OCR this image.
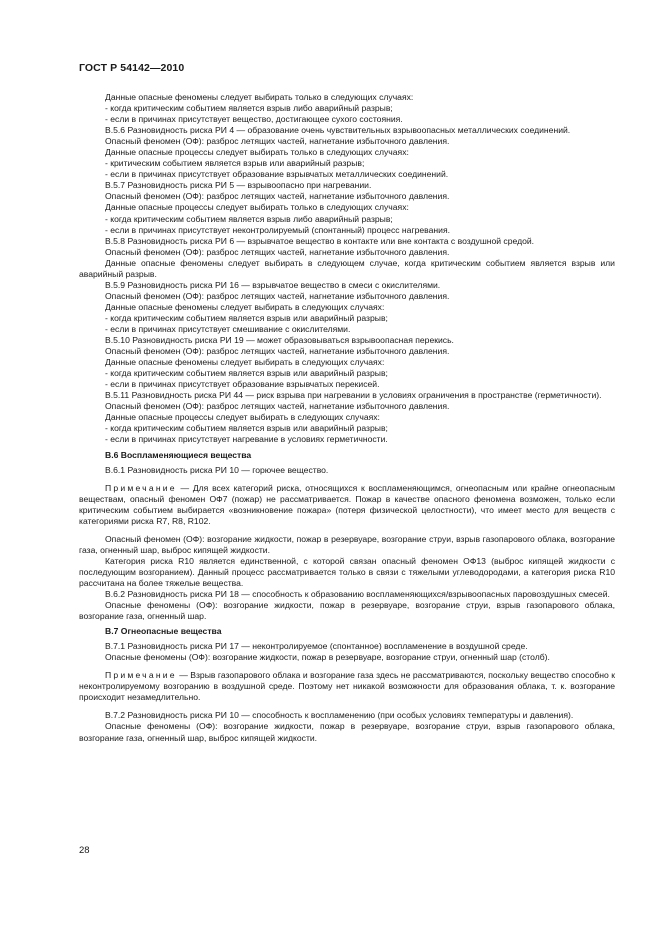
ГОСТ Р 54142—2010

Данные опасные феномены следует выбирать только в следующих случаях:

- когда критическим событием является взрыв либо аварийный разрыв;

- если в причинах присутствует вещество, достигающее сухого состояния.

В.5.6 Разновидность риска РИ 4 — образование очень чувствительных взрывоопасных металлических соединений.

Опасный феномен (ОФ): разброс летящих частей, нагнетание избыточного давления.

Данные опасные процессы следует выбирать только в следующих случаях:

- критическим событием является взрыв или аварийный разрыв;

- если в причинах присутствует образование взрывчатых металлических соединений.

В.5.7 Разновидность риска РИ 5 — взрывоопасно при нагревании.

Опасный феномен (ОФ): разброс летящих частей, нагнетание избыточного давления.

Данные опасные процессы следует выбирать только в следующих случаях:

- когда критическим событием является взрыв либо аварийный разрыв;

- если в причинах присутствует неконтролируемый (спонтанный) процесс нагревания.

В.5.8 Разновидность риска РИ 6 — взрывчатое вещество в контакте или вне контакта с воздушной средой.

Опасный феномен (ОФ): разброс летящих частей, нагнетание избыточного давления.

Данные опасные феномены следует выбирать в следующем случае, когда критическим событием является взрыв или аварийный разрыв.

В.5.9 Разновидность риска РИ 16 — взрывчатое вещество в смеси с окислителями.

Опасный феномен (ОФ): разброс летящих частей, нагнетание избыточного давления.

Данные опасные феномены следует выбирать в следующих случаях:

- когда критическим событием является взрыв или аварийный разрыв;

- если в причинах присутствует смешивание с окислителями.

В.5.10 Разновидность риска РИ 19 — может образовываться взрывоопасная перекись.

Опасный феномен (ОФ): разброс летящих частей, нагнетание избыточного давления.

Данные опасные феномены следует выбирать в следующих случаях:

- когда критическим событием является взрыв или аварийный разрыв;

- если в причинах присутствует образование взрывчатых перекисей.

В.5.11 Разновидность риска РИ 44 — риск взрыва при нагревании в условиях ограничения в пространстве (герметичности).

Опасный феномен (ОФ): разброс летящих частей, нагнетание избыточного давления.

Данные опасные процессы следует выбирать в следующих случаях:

- когда критическим событием является взрыв или аварийный разрыв;

- если в причинах присутствует нагревание в условиях герметичности.

В.6 Воспламеняющиеся вещества

В.6.1 Разновидность риска РИ 10 — горючее вещество.

Примечание — Для всех категорий риска, относящихся к воспламеняющимся, огнеопасным или крайне огнеопасным веществам, опасный феномен ОФ7 (пожар) не рассматривается. Пожар в качестве опасного феномена возможен, только если критическим событием выбирается «возникновение пожара» (потеря физической целостности), что имеет место для веществ с категориями риска R7, R8, R102.

Опасный феномен (ОФ): возгорание жидкости, пожар в резервуаре, возгорание струи, взрыв газопарового облака, возгорание газа, огненный шар, выброс кипящей жидкости.

Категория риска R10 является единственной, с которой связан опасный феномен ОФ13 (выброс кипящей жидкости с последующим возгоранием). Данный процесс рассматривается только в связи с тяжелыми углеводородами, а категория риска R10 рассчитана на более тяжелые вещества.

В.6.2 Разновидность риска РИ 18 — способность к образованию воспламеняющихся/взрывоопасных паровоздушных смесей.

Опасные феномены (ОФ): возгорание жидкости, пожар в резервуаре, возгорание струи, взрыв газопарового облака, возгорание газа, огненный шар.

В.7 Огнеопасные вещества

В.7.1 Разновидность риска РИ 17 — неконтролируемое (спонтанное) воспламенение в воздушной среде.

Опасные феномены (ОФ): возгорание жидкости, пожар в резервуаре, возгорание струи, огненный шар (столб).

Примечание — Взрыв газопарового облака и возгорание газа здесь не рассматриваются, поскольку вещество способно к неконтролируемому возгоранию в воздушной среде. Поэтому нет никакой возможности для образования облака, т. к. возгорание происходит незамедлительно.

В.7.2 Разновидность риска РИ 10 — способность к воспламенению (при особых условиях температуры и давления).

Опасные феномены (ОФ): возгорание жидкости, пожар в резервуаре, возгорание струи, взрыв газопарового облака, возгорание газа, огненный шар, выброс кипящей жидкости.

28
